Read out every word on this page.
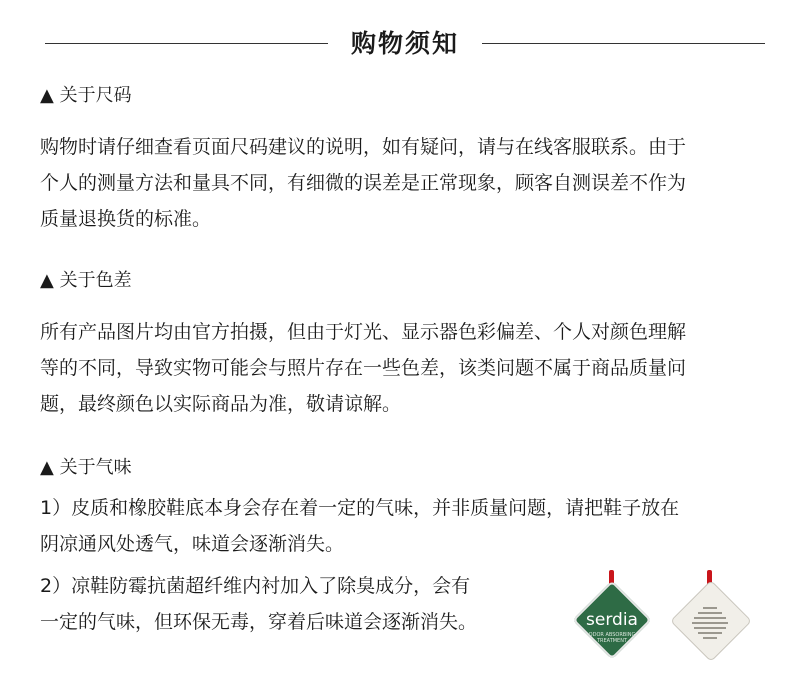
购物须知
▲ 关于尺码
购物时请仔细查看页面尺码建议的说明，如有疑问，请与在线客服联系。由于
个人的测量方法和量具不同，有细微的误差是正常现象，顾客自测误差不作为
质量退换货的标准。
▲ 关于色差
所有产品图片均由官方拍摄，但由于灯光、显示器色彩偏差、个人对颜色理解
等的不同，导致实物可能会与照片存在一些色差，该类问题不属于商品质量问
题，最终颜色以实际商品为准，敬请谅解。
▲ 关于气味
1）皮质和橡胶鞋底本身会存在着一定的气味，并非质量问题，请把鞋子放在
阴凉通风处透气，味道会逐渐消失。
2）凉鞋防霉抗菌超纤维内衬加入了除臭成分，会有
一定的气味，但环保无毒，穿着后味道会逐渐消失。	serdia
ODOR ABSORBING TREATMENT
